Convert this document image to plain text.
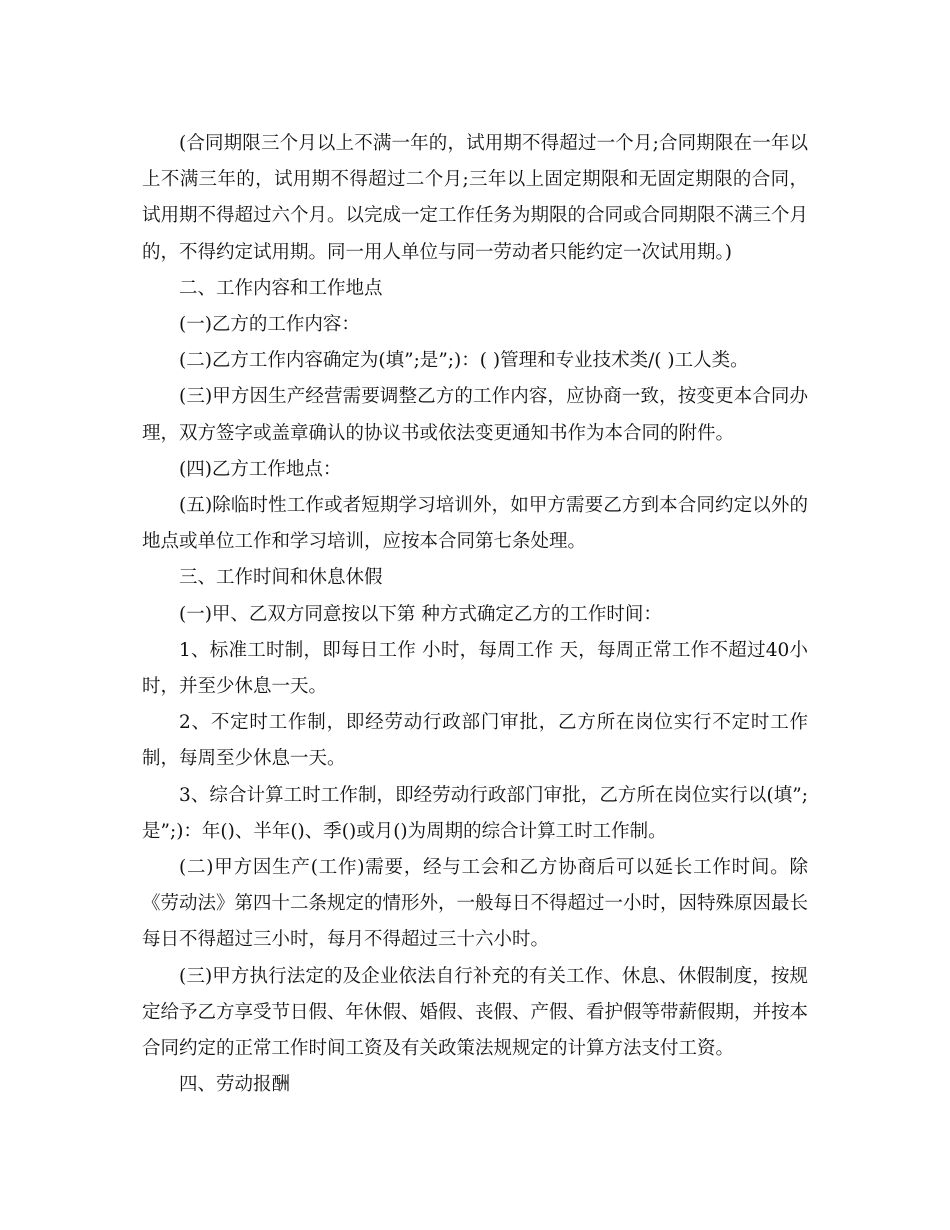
(合同期限三个月以上不满一年的，试用期不得超过一个月;合同期限在一年以上不满三年的，试用期不得超过二个月;三年以上固定期限和无固定期限的合同，试用期不得超过六个月。以完成一定工作任务为期限的合同或合同期限不满三个月的，不得约定试用期。同一用人单位与同一劳动者只能约定一次试用期。)

二、工作内容和工作地点

(一)乙方的工作内容：

(二)乙方工作内容确定为(填”;是”;)：( )管理和专业技术类/( )工人类。

(三)甲方因生产经营需要调整乙方的工作内容，应协商一致，按变更本合同办理，双方签字或盖章确认的协议书或依法变更通知书作为本合同的附件。

(四)乙方工作地点：

(五)除临时性工作或者短期学习培训外，如甲方需要乙方到本合同约定以外的地点或单位工作和学习培训，应按本合同第七条处理。

三、工作时间和休息休假

(一)甲、乙双方同意按以下第 种方式确定乙方的工作时间：

1、标准工时制，即每日工作 小时，每周工作 天，每周正常工作不超过40小时，并至少休息一天。

2、不定时工作制，即经劳动行政部门审批，乙方所在岗位实行不定时工作制，每周至少休息一天。

3、综合计算工时工作制，即经劳动行政部门审批，乙方所在岗位实行以(填”;是”;)：年()、半年()、季()或月()为周期的综合计算工时工作制。

(二)甲方因生产(工作)需要，经与工会和乙方协商后可以延长工作时间。除《劳动法》第四十二条规定的情形外，一般每日不得超过一小时，因特殊原因最长每日不得超过三小时，每月不得超过三十六小时。

(三)甲方执行法定的及企业依法自行补充的有关工作、休息、休假制度，按规定给予乙方享受节日假、年休假、婚假、丧假、产假、看护假等带薪假期，并按本合同约定的正常工作时间工资及有关政策法规规定的计算方法支付工资。

四、劳动报酬
